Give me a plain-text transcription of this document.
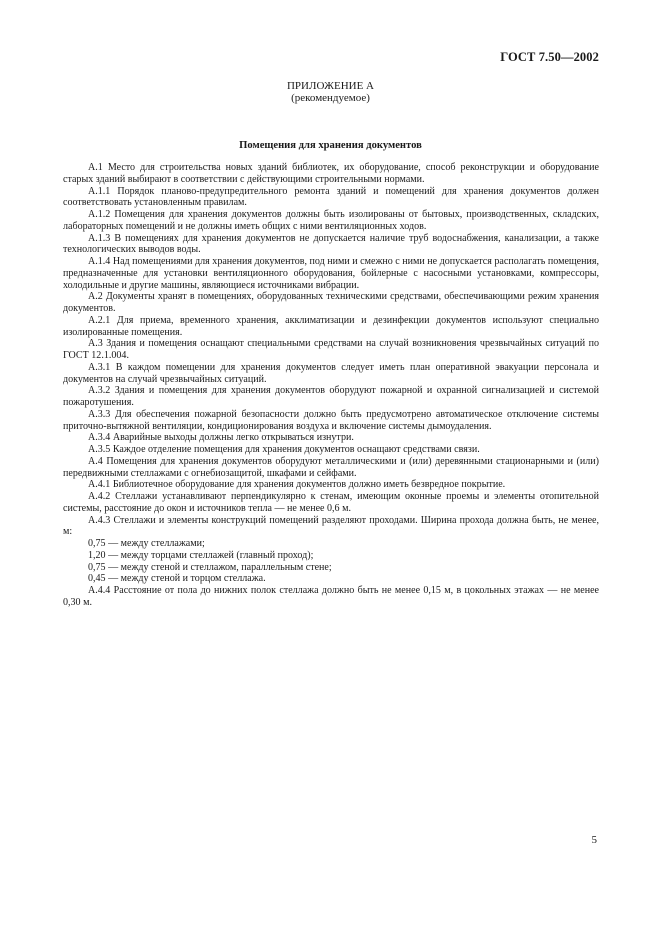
ГОСТ 7.50—2002
ПРИЛОЖЕНИЕ А
(рекомендуемое)
Помещения для хранения документов

А.1 Место для строительства новых зданий библиотек, их оборудование, способ реконструкции и оборудование старых зданий выбирают в соответствии с действующими строительными нормами.

А.1.1 Порядок планово-предупредительного ремонта зданий и помещений для хранения документов должен соответствовать установленным правилам.

А.1.2 Помещения для хранения документов должны быть изолированы от бытовых, производственных, складских, лабораторных помещений и не должны иметь общих с ними вентиляционных ходов.

А.1.3 В помещениях для хранения документов не допускается наличие труб водоснабжения, канализации, а также технологических выводов воды.

А.1.4 Над помещениями для хранения документов, под ними и смежно с ними не допускается располагать помещения, предназначенные для установки вентиляционного оборудования, бойлерные с насосными установками, компрессоры, холодильные и другие машины, являющиеся источниками вибрации.

А.2 Документы хранят в помещениях, оборудованных техническими средствами, обеспечивающими режим хранения документов.

А.2.1 Для приема, временного хранения, акклиматизации и дезинфекции документов используют специально изолированные помещения.

А.3 Здания и помещения оснащают специальными средствами на случай возникновения чрезвычайных ситуаций по ГОСТ 12.1.004.

А.3.1 В каждом помещении для хранения документов следует иметь план оперативной эвакуации персонала и документов на случай чрезвычайных ситуаций.

А.3.2 Здания и помещения для хранения документов оборудуют пожарной и охранной сигнализацией и системой пожаротушения.

А.3.3 Для обеспечения пожарной безопасности должно быть предусмотрено автоматическое отключение системы приточно-вытяжной вентиляции, кондиционирования воздуха и включение системы дымоудаления.

А.3.4 Аварийные выходы должны легко открываться изнутри.

А.3.5 Каждое отделение помещения для хранения документов оснащают средствами связи.

А.4 Помещения для хранения документов оборудуют металлическими и (или) деревянными стационарными и (или) передвижными стеллажами с огнебиозащитой, шкафами и сейфами.

А.4.1 Библиотечное оборудование для хранения документов должно иметь безвредное покрытие.

А.4.2 Стеллажи устанавливают перпендикулярно к стенам, имеющим оконные проемы и элементы отопительной системы, расстояние до окон и источников тепла — не менее 0,6 м.

А.4.3 Стеллажи и элементы конструкций помещений разделяют проходами. Ширина прохода должна быть, не менее, м:

0,75 — между стеллажами;

1,20 — между торцами стеллажей (главный проход);

0,75 — между стеной и стеллажом, параллельным стене;

0,45 — между стеной и торцом стеллажа.

А.4.4 Расстояние от пола до нижних полок стеллажа должно быть не менее 0,15 м, в цокольных этажах — не менее 0,30 м.

5
